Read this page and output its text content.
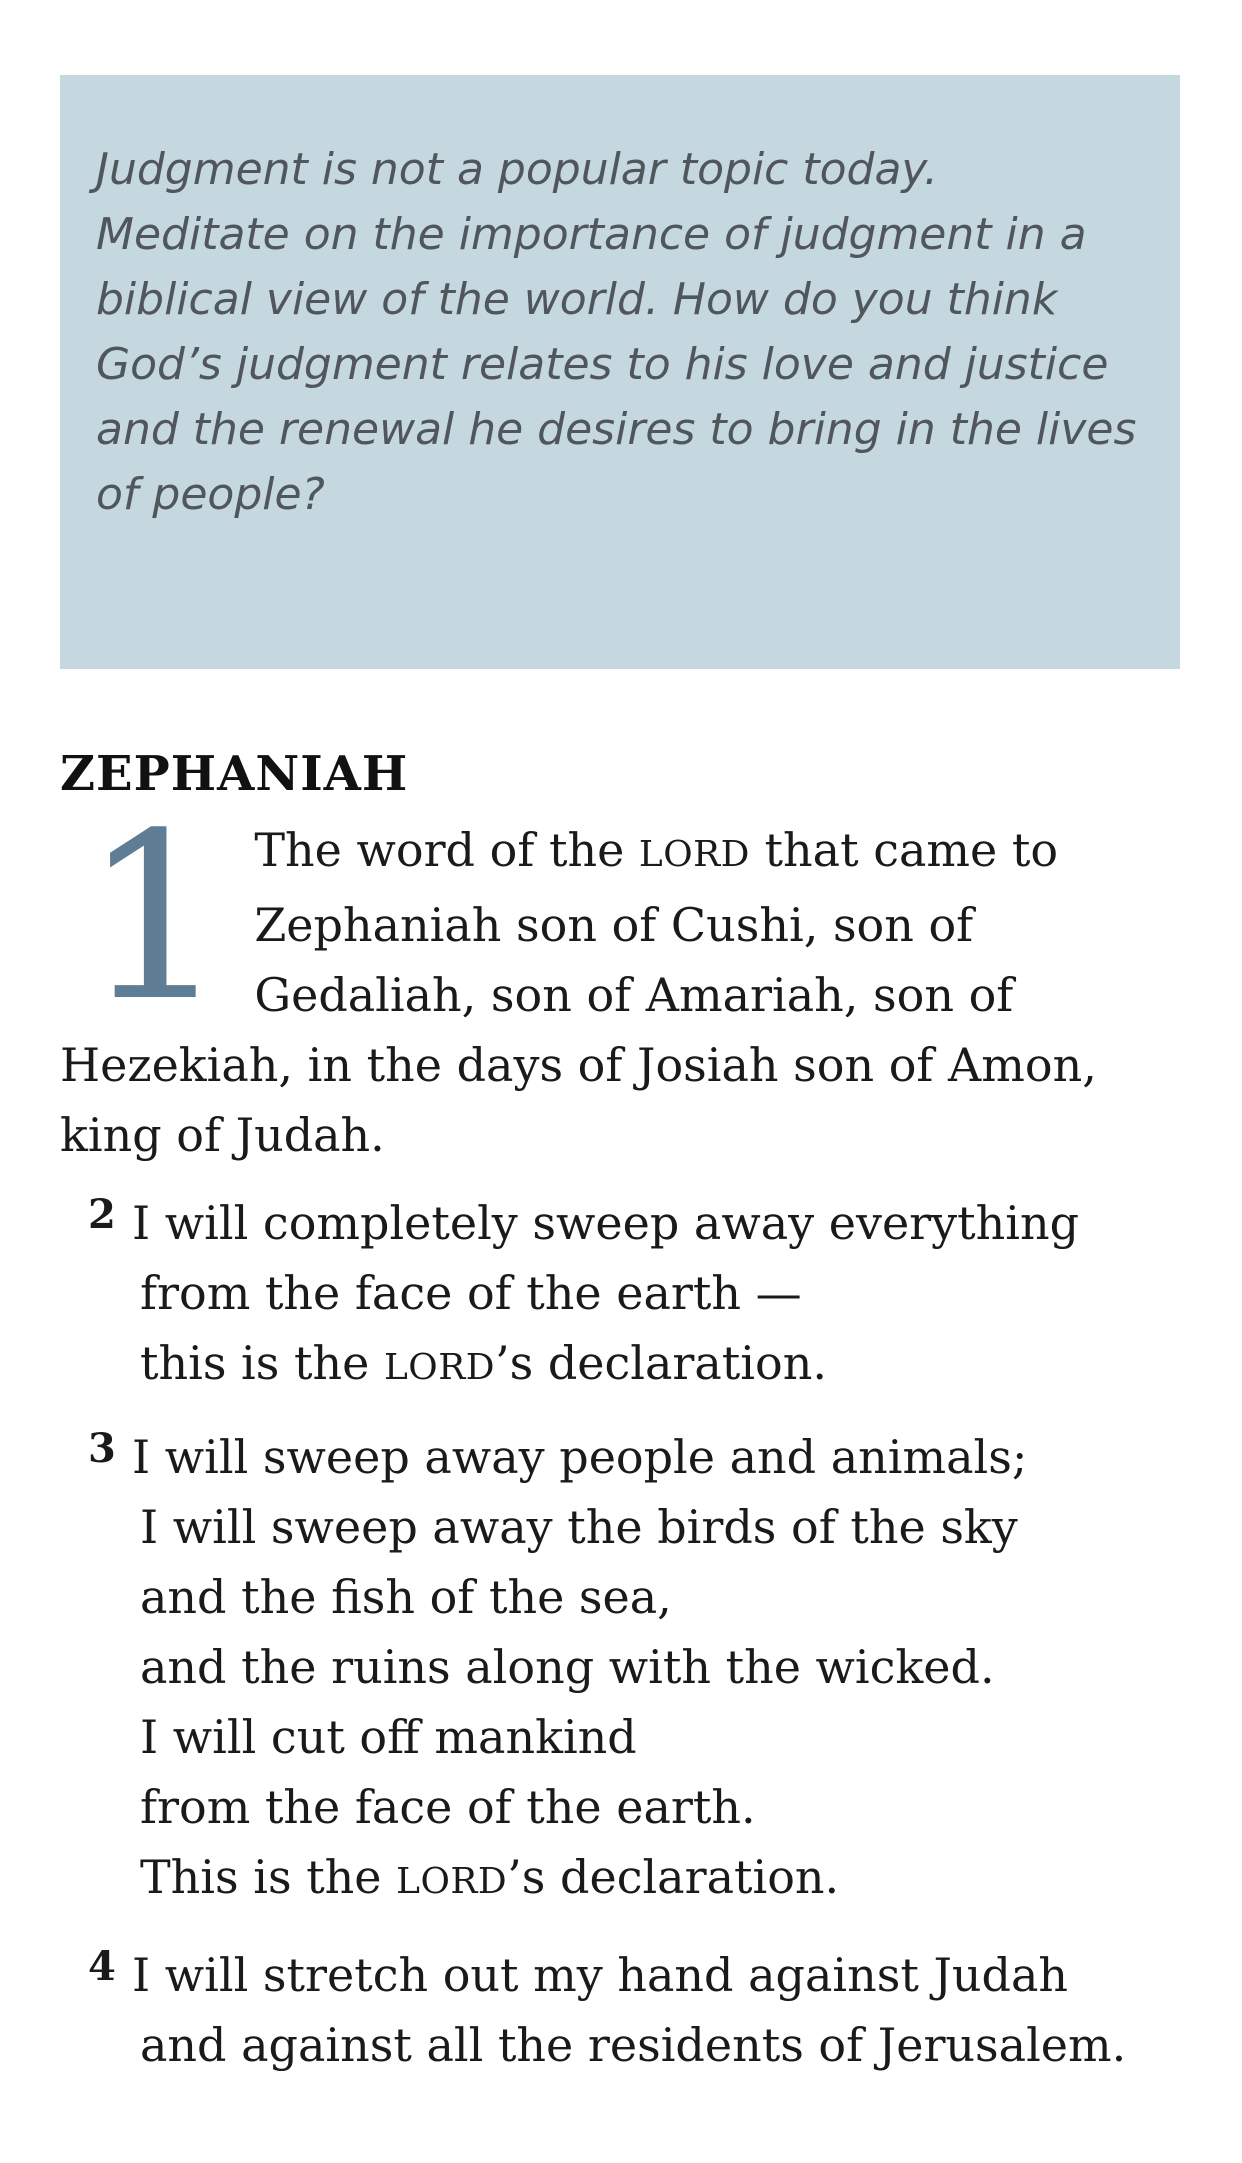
Judgment is not a popular topic today. Meditate on the importance of judgment in a biblical view of the world. How do you think God’s judgment relates to his love and justice and the renewal he desires to bring in the lives of people?

ZEPHANIAH
1 The word of the LORD that came to Zephaniah son of Cushi, son of Gedaliah, son of Amariah, son of Hezekiah, in the days of Josiah son of Amon, king of Judah.

2 I will completely sweep away everything

from the face of the earth —

this is the LORD’s declaration.

3 I will sweep away people and animals;

I will sweep away the birds of the sky

and the fish of the sea,

and the ruins along with the wicked.

I will cut off mankind

from the face of the earth.

This is the LORD’s declaration.

4 I will stretch out my hand against Judah

and against all the residents of Jerusalem.
